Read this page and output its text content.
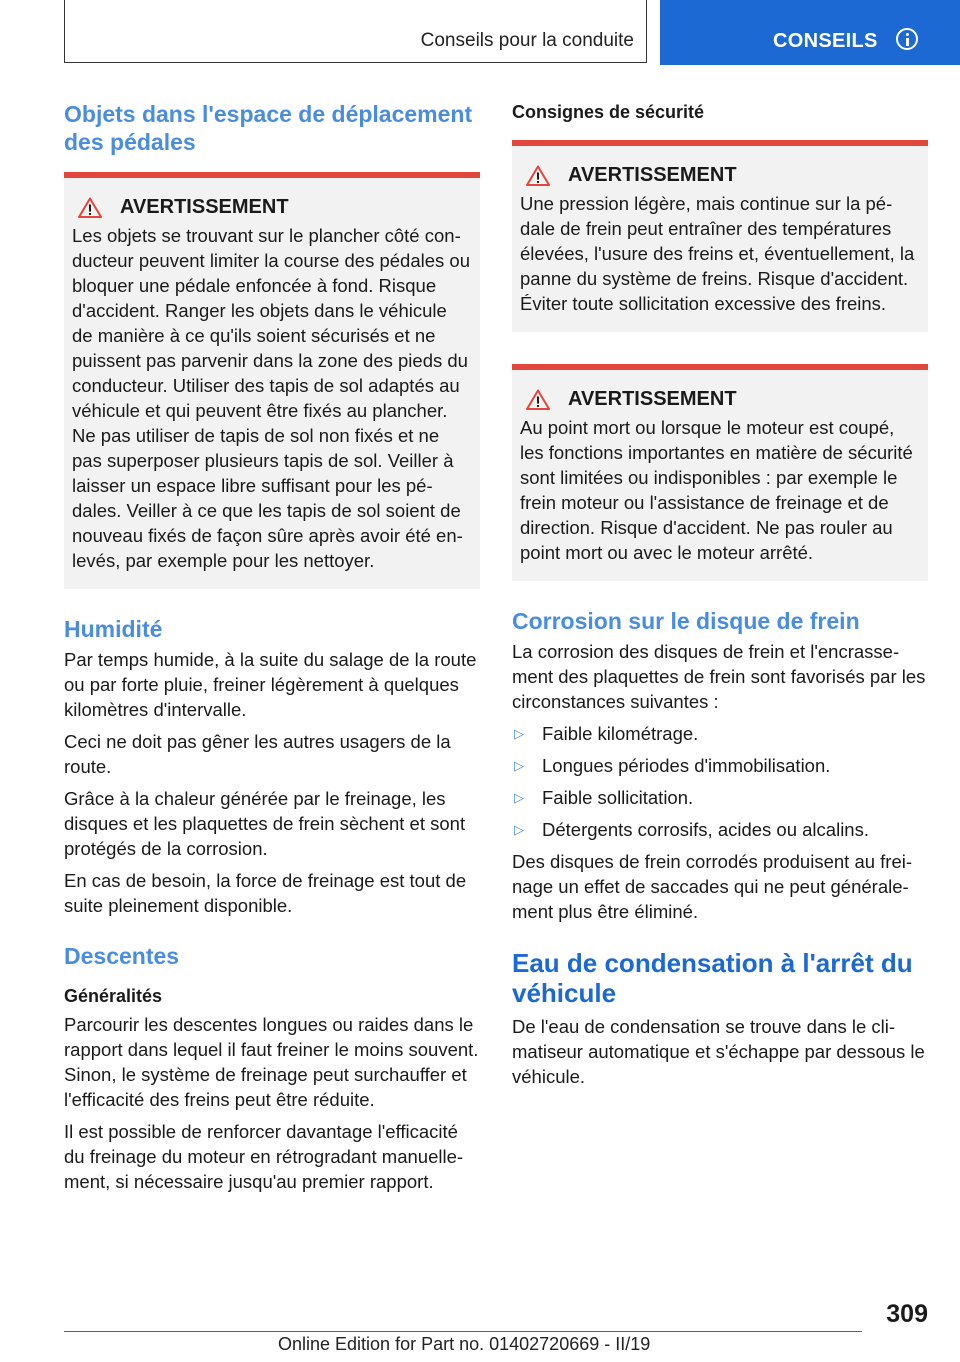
Conseils pour la conduite	CONSEILS
Objets dans l'espace de déplacement des pédales
AVERTISSEMENT

Les objets se trouvant sur le plancher côté conducteur peuvent limiter la course des pédales ou bloquer une pédale enfoncée à fond. Risque d'accident. Ranger les objets dans le véhicule de manière à ce qu'ils soient sécurisés et ne puissent pas parvenir dans la zone des pieds du conducteur. Utiliser des tapis de sol adaptés au véhicule et qui peuvent être fixés au plancher. Ne pas utiliser de tapis de sol non fixés et ne pas superposer plusieurs tapis de sol. Veiller à laisser un espace libre suffisant pour les pédales. Veiller à ce que les tapis de sol soient de nouveau fixés de façon sûre après avoir été enlevés, par exemple pour les nettoyer.

Humidité

Par temps humide, à la suite du salage de la route ou par forte pluie, freiner légèrement à quelques kilomètres d'intervalle.

Ceci ne doit pas gêner les autres usagers de la route.

Grâce à la chaleur générée par le freinage, les disques et les plaquettes de frein sèchent et sont protégés de la corrosion.

En cas de besoin, la force de freinage est tout de suite pleinement disponible.

Descentes
Généralités

Parcourir les descentes longues ou raides dans le rapport dans lequel il faut freiner le moins souvent. Sinon, le système de freinage peut surchauffer et l'efficacité des freins peut être réduite.

Il est possible de renforcer davantage l'efficacité du freinage du moteur en rétrogradant manuellement, si nécessaire jusqu'au premier rapport.

Consignes de sécurité
AVERTISSEMENT

Une pression légère, mais continue sur la pédale de frein peut entraîner des températures élevées, l'usure des freins et, éventuellement, la panne du système de freins. Risque d'accident. Éviter toute sollicitation excessive des freins.

AVERTISSEMENT

Au point mort ou lorsque le moteur est coupé, les fonctions importantes en matière de sécurité sont limitées ou indisponibles : par exemple le frein moteur ou l'assistance de freinage et de direction. Risque d'accident. Ne pas rouler au point mort ou avec le moteur arrêté.

Corrosion sur le disque de frein

La corrosion des disques de frein et l'encrassement des plaquettes de frein sont favorisés par les circonstances suivantes :

▷ Faible kilométrage.
▷ Longues périodes d'immobilisation.
▷ Faible sollicitation.
▷ Détergents corrosifs, acides ou alcalins.

Des disques de frein corrodés produisent au freinage un effet de saccades qui ne peut généralement plus être éliminé.

Eau de condensation à l'arrêt du véhicule

De l'eau de condensation se trouve dans le climatiseur automatique et s'échappe par dessous le véhicule.

309
Online Edition for Part no. 01402720669 - II/19
